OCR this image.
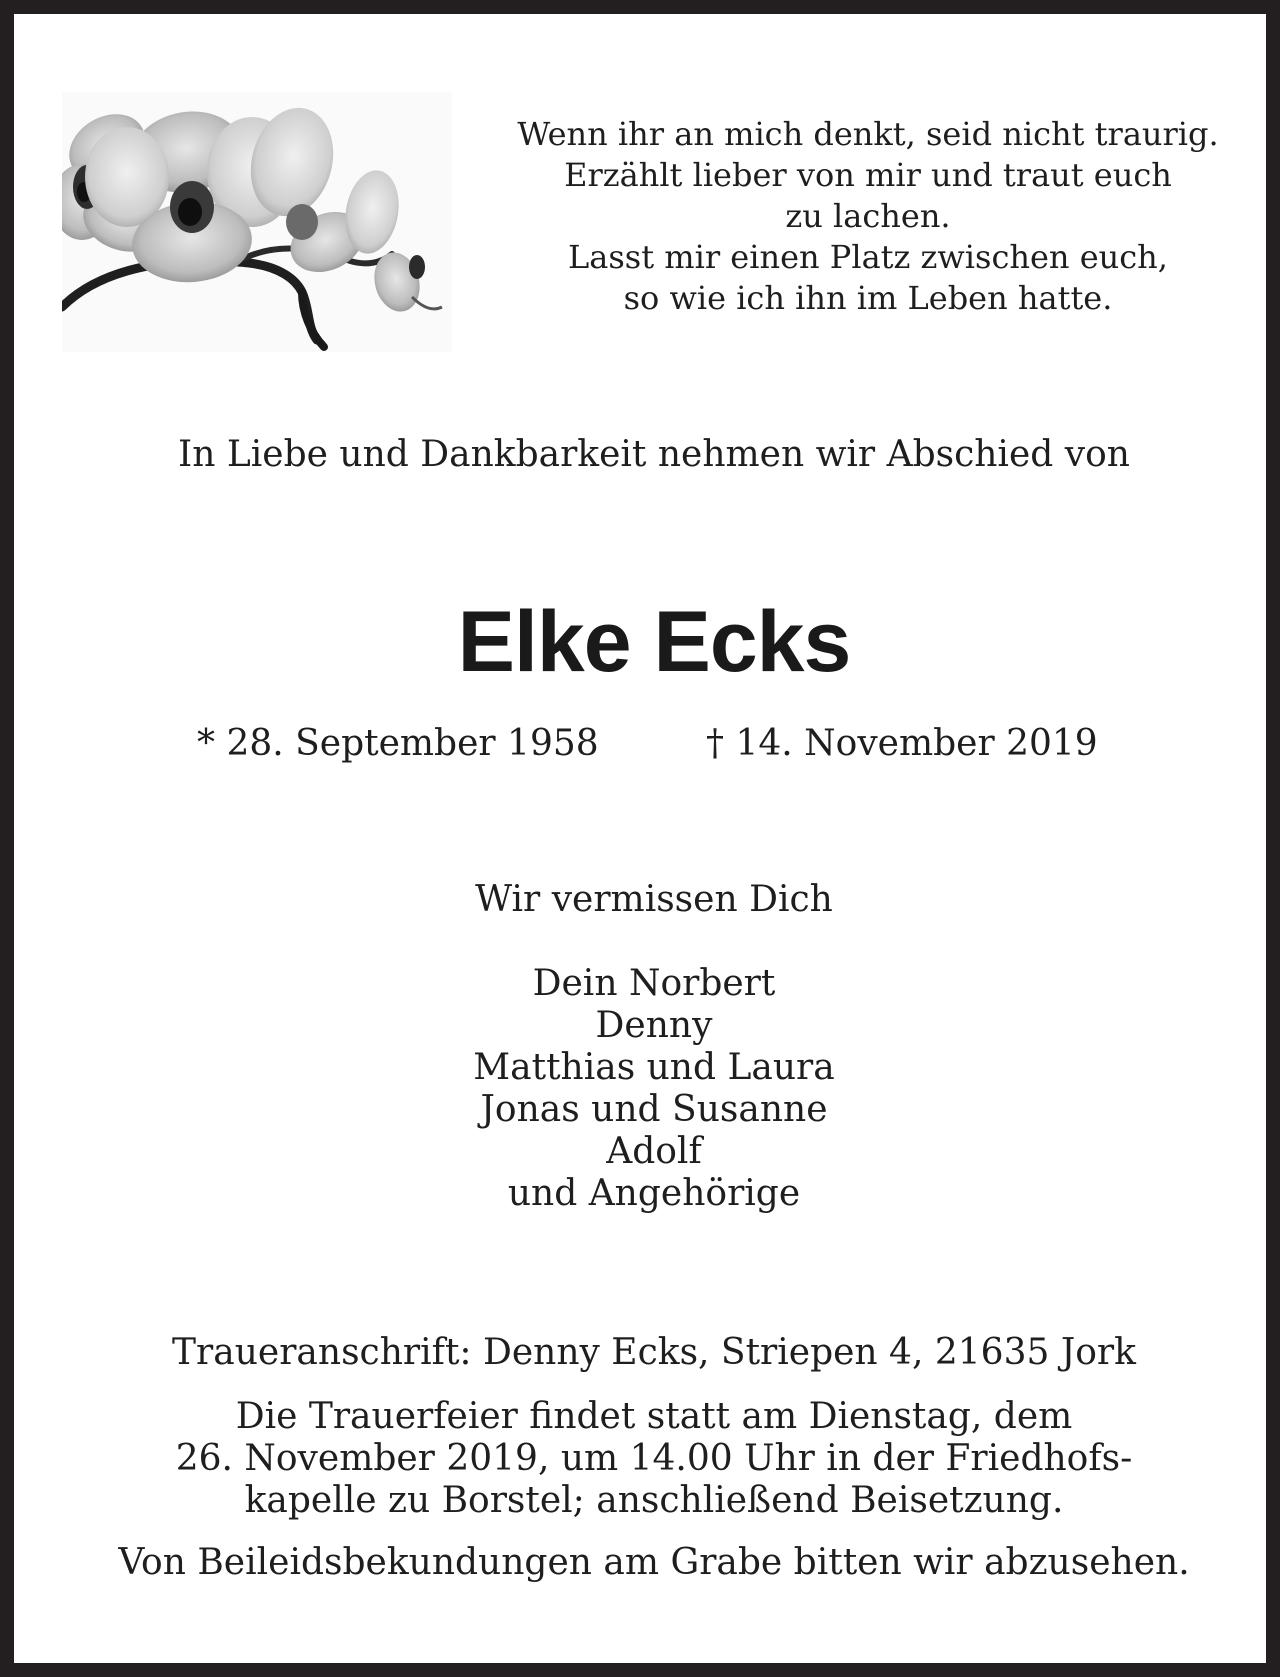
Wenn ihr an mich denkt, seid nicht traurig.
Erzählt lieber von mir und traut euch
zu lachen.
Lasst mir einen Platz zwischen euch,
so wie ich ihn im Leben hatte.
In Liebe und Dankbarkeit nehmen wir Abschied von
Elke Ecks
* 28. September 1958	† 14. November 2019
Wir vermissen Dich
Dein Norbert
Denny
Matthias und Laura
Jonas und Susanne
Adolf
und Angehörige
Traueranschrift: Denny Ecks, Striepen 4, 21635 Jork
Die Trauerfeier findet statt am Dienstag, dem
26. November 2019, um 14.00 Uhr in der Friedhofs-
kapelle zu Borstel; anschließend Beisetzung.
Von Beileidsbekundungen am Grabe bitten wir abzusehen.
